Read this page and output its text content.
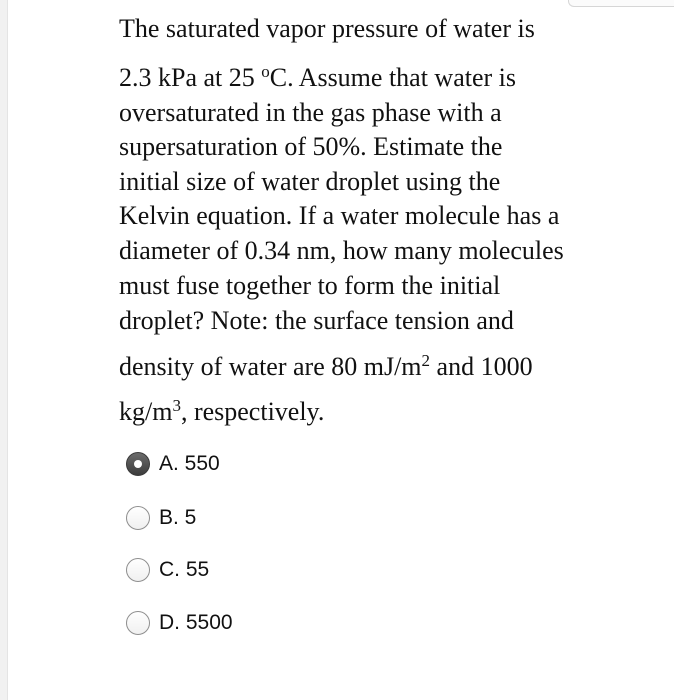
The saturated vapor pressure of water is
2.3 kPa at 25 $^o$C. Assume that water is
oversaturated in the gas phase with a
supersaturation of 50%. Estimate the
initial size of water droplet using the
Kelvin equation. If a water molecule has a
diameter of 0.34 nm, how many molecules
must fuse together to form the initial
droplet? Note: the surface tension and
density of water are 80 $mJ/m^2$ and 1000
$kg/m^3$, respectively.
A. 550
B. 5
C. 55
D. 5500
